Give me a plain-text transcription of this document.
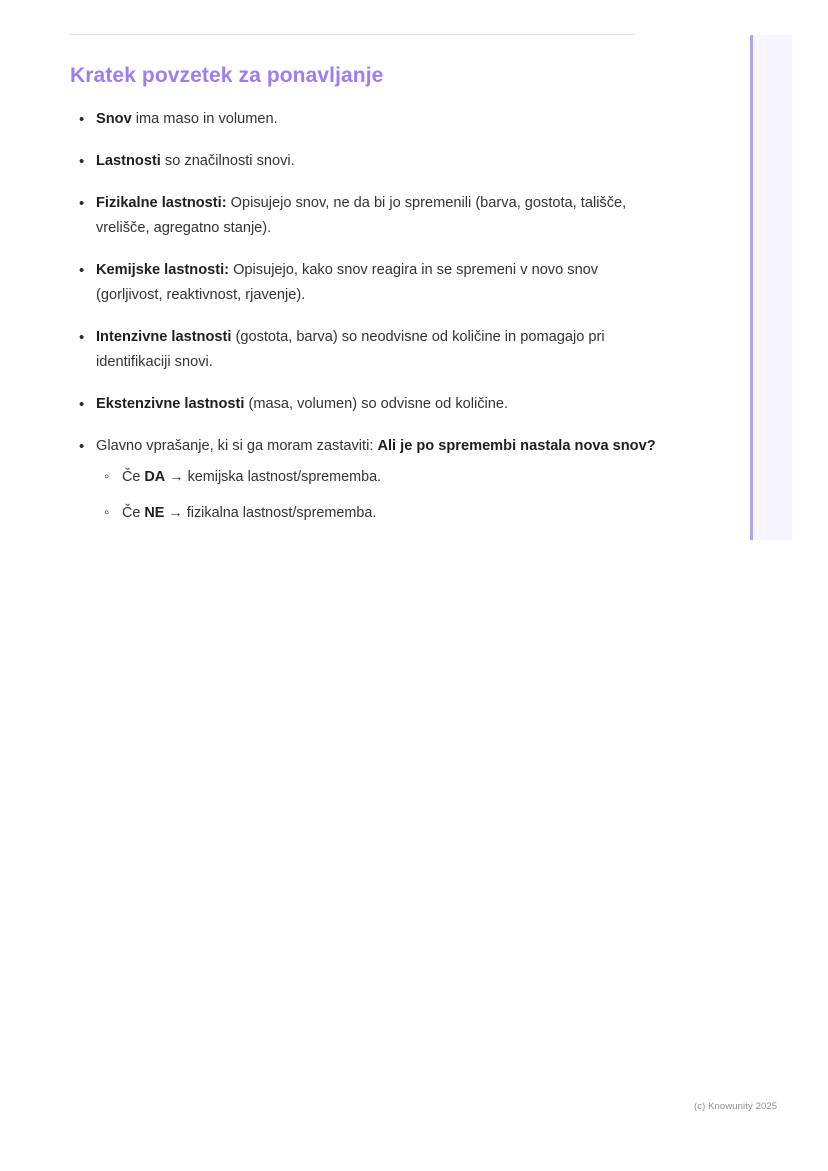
Kratek povzetek za ponavljanje
• Snov ima maso in volumen.
• Lastnosti so značilnosti snovi.
• Fizikalne lastnosti: Opisujejo snov, ne da bi jo spremenili (barva, gostota, tališče, vrelišče, agregatno stanje).
• Kemijske lastnosti: Opisujejo, kako snov reagira in se spremeni v novo snov (gorljivost, reaktivnost, rjavenje).
• Intenzivne lastnosti (gostota, barva) so neodvisne od količine in pomagajo pri identifikaciji snovi.
• Ekstenzivne lastnosti (masa, volumen) so odvisne od količine.
• Glavno vprašanje, ki si ga moram zastaviti: Ali je po spremembi nastala nova snov?
◦ Če DA → kemijska lastnost/sprememba.
◦ Če NE → fizikalna lastnost/sprememba.
(c) Knowunity 2025
